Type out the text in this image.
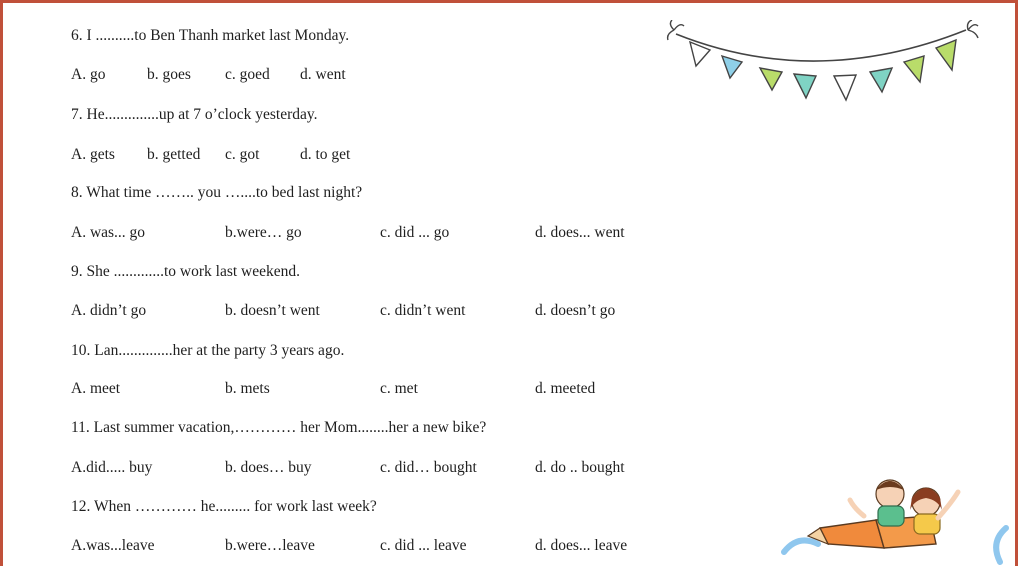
6. I ..........to Ben Thanh market last Monday.
A. go	b. goes c. goed d. went
7. He..............up at 7 o’clock yesterday.
A. gets b. getted c. got	d. to get
8. What time …….. you …....to bed last night?
A. was... go	b.were… go	c. did ... go	d. does... went
9. She .............to work last weekend.
A. didn’t go	b. doesn’t went	c. didn’t went	d. doesn’t go
10. Lan..............her at the party 3 years ago.
A. meet	b. mets	c. met	d. meeted
11. Last summer vacation,………… her Mom........her a new bike?
A.did..... buy	b. does… buy	c. did… bought	d. do .. bought
12. When ………… he......... for work last week?
A.was...leave	b.were…leave	c. did ... leave	d. does... leave
